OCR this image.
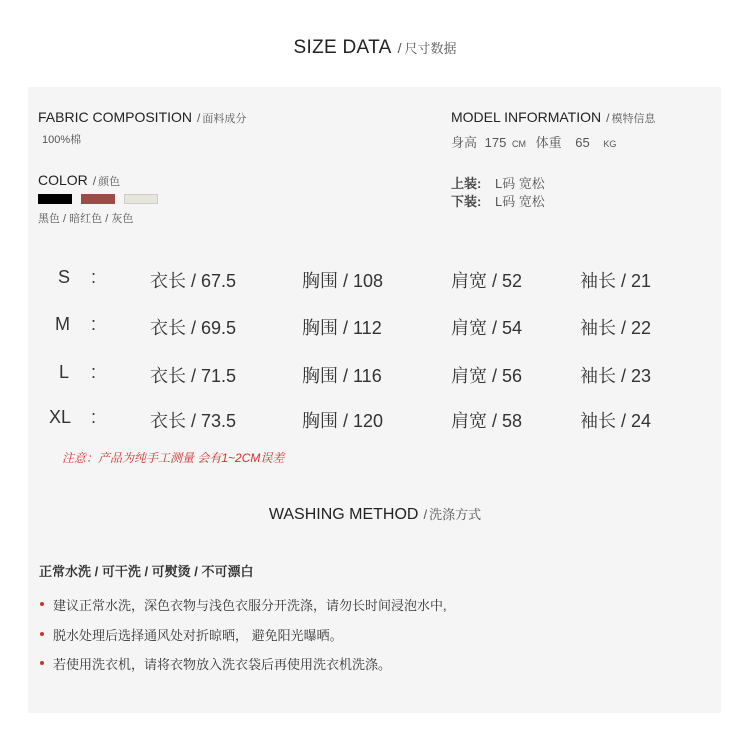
SIZE DATA / 尺寸数据
FABRIC COMPOSITION / 面料成分
100%棉
COLOR / 颜色
黑色 / 暗红色 / 灰色
MODEL INFORMATION / 模特信息
身高 175 CM 体重 65 KG
上装: L码 宽松
下装: L码 宽松
S :	衣长 / 67.5	胸围 / 108	肩宽 / 52	袖长 / 21
M :	衣长 / 69.5	胸围 / 112	肩宽 / 54	袖长 / 22
L :	衣长 / 71.5	胸围 / 116	肩宽 / 56	袖长 / 23
XL :	衣长 / 73.5	胸围 / 120	肩宽 / 58	袖长 / 24
注意：产品为纯手工测量 会有1~2CM误差
WASHING METHOD / 洗涤方式
正常水洗 / 可干洗 / 可熨烫 / 不可漂白
建议正常水洗，深色衣物与浅色衣服分开洗涤，请勿长时间浸泡水中,
脱水处理后选择通风处对折晾晒， 避免阳光曝晒。
若使用洗衣机，请将衣物放入洗衣袋后再使用洗衣机洗涤。
